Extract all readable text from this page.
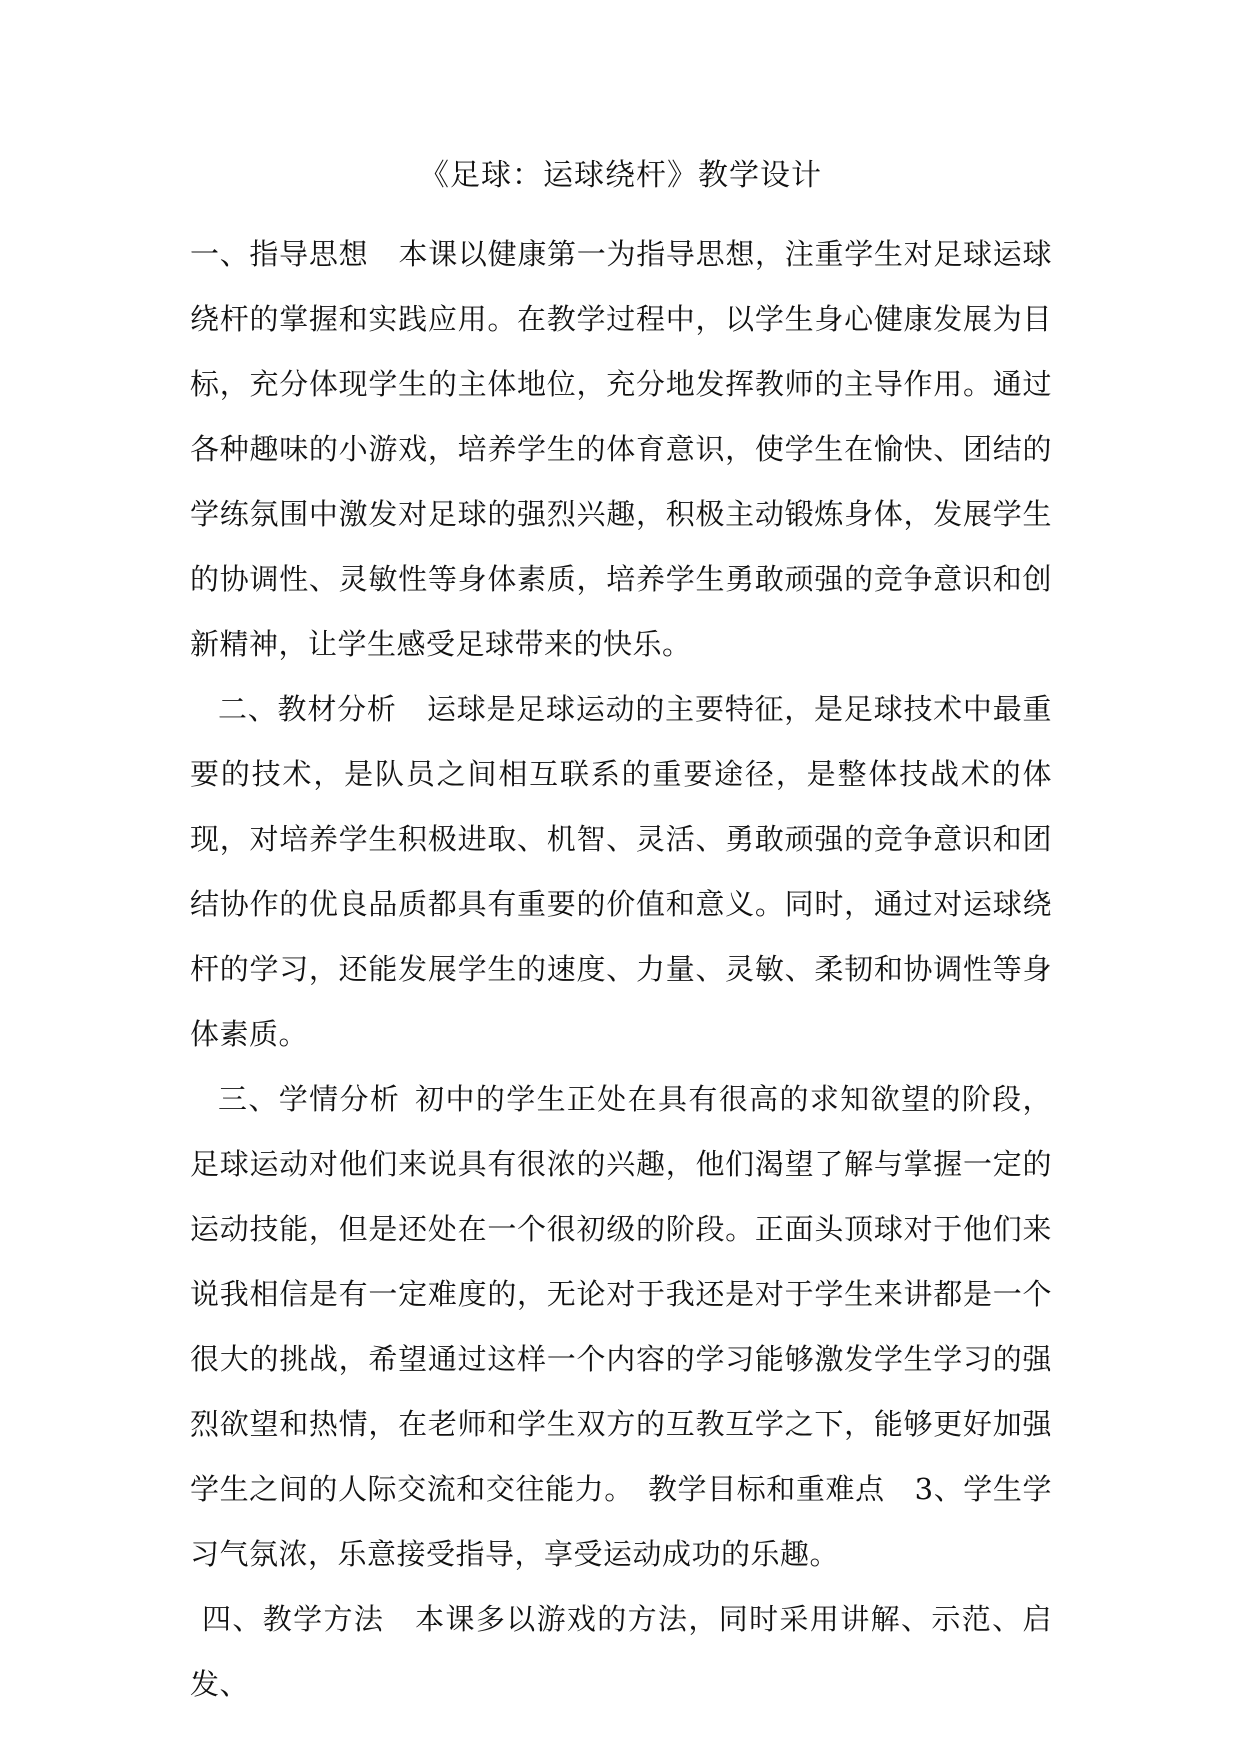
《足球：运球绕杆》教学设计

一、指导思想 本课以健康第一为指导思想，注重学生对足球运球绕杆的掌握和实践应用。在教学过程中，以学生身心健康发展为目标，充分体现学生的主体地位，充分地发挥教师的主导作用。通过各种趣味的小游戏，培养学生的体育意识，使学生在愉快、团结的学练氛围中激发对足球的强烈兴趣，积极主动锻炼身体，发展学生的协调性、灵敏性等身体素质，培养学生勇敢顽强的竞争意识和创新精神，让学生感受足球带来的快乐。

二、教材分析 运球是足球运动的主要特征，是足球技术中最重要的技术，是队员之间相互联系的重要途径，是整体技战术的体现，对培养学生积极进取、机智、灵活、勇敢顽强的竞争意识和团结协作的优良品质都具有重要的价值和意义。同时，通过对运球绕杆的学习，还能发展学生的速度、力量、灵敏、柔韧和协调性等身体素质。

三、学情分析 初中的学生正处在具有很高的求知欲望的阶段，足球运动对他们来说具有很浓的兴趣，他们渴望了解与掌握一定的运动技能，但是还处在一个很初级的阶段。正面头顶球对于他们来说我相信是有一定难度的，无论对于我还是对于学生来讲都是一个很大的挑战，希望通过这样一个内容的学习能够激发学生学习的强烈欲望和热情，在老师和学生双方的互教互学之下，能够更好加强学生之间的人际交流和交往能力。 教学目标和重难点 3、学生学习气氛浓，乐意接受指导，享受运动成功的乐趣。

四、教学方法 本课多以游戏的方法，同时采用讲解、示范、启发、
